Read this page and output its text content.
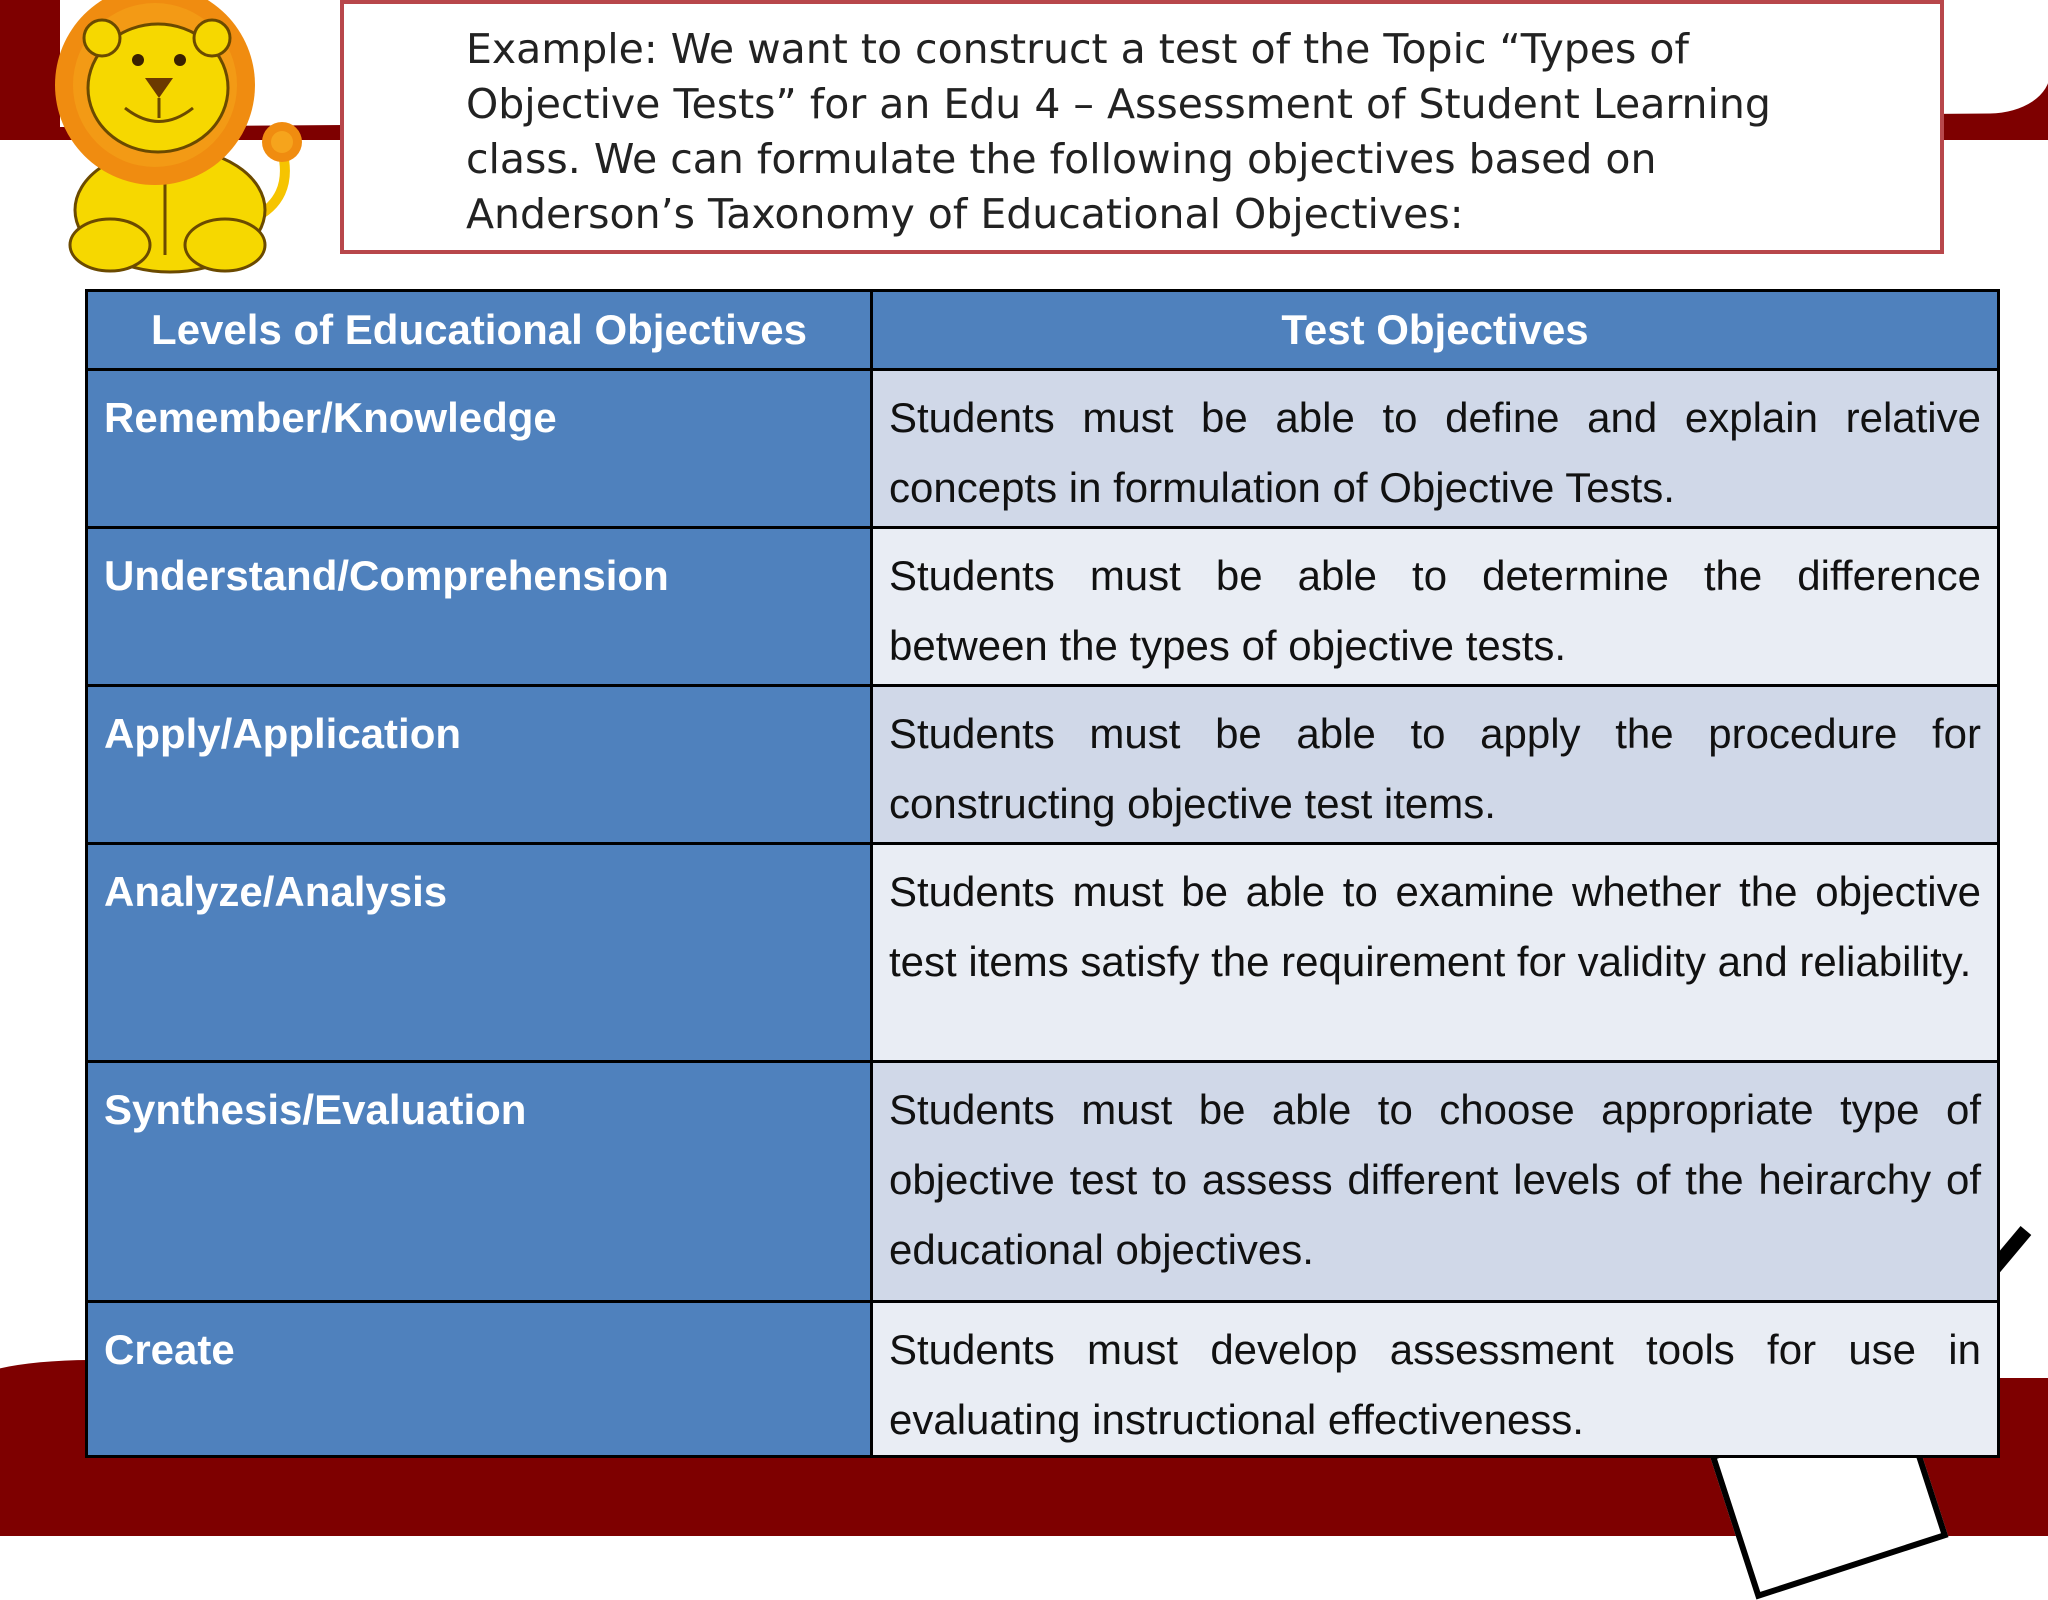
Example: We want to construct a test of the Topic “Types of Objective Tests” for an Edu 4 – Assessment of Student Learning class. We can formulate the following objectives based on Anderson’s Taxonomy of Educational Objectives:

Levels of Educational Objectives	Test Objectives
Remember/Knowledge	Students must be able to define and explain relative concepts in formulation of Objective Tests.
Understand/Comprehension	Students must be able to determine the difference between the types of objective tests.
Apply/Application	Students must be able to apply the procedure for constructing objective test items.
Analyze/Analysis	Students must be able to examine whether the objective test items satisfy the requirement for validity and reliability.
Synthesis/Evaluation	Students must be able to choose appropriate type of objective test to assess different levels of the heirarchy of educational objectives.
Create	Students must develop assessment tools for use in evaluating instructional effectiveness.
